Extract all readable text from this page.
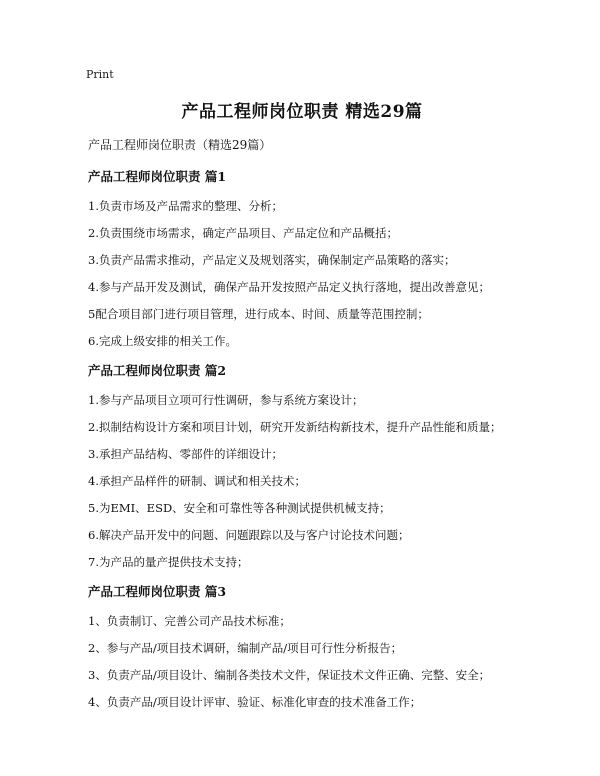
Print
产品工程师岗位职责 精选29篇
产品工程师岗位职责（精选29篇）
产品工程师岗位职责 篇1
1.负责市场及产品需求的整理、分析；
2.负责围绕市场需求，确定产品项目、产品定位和产品概括；
3.负责产品需求推动，产品定义及规划落实，确保制定产品策略的落实；
4.参与产品开发及测试，确保产品开发按照产品定义执行落地，提出改善意见；
5配合项目部门进行项目管理，进行成本、时间、质量等范围控制；
6.完成上级安排的相关工作。
产品工程师岗位职责 篇2
1.参与产品项目立项可行性调研，参与系统方案设计；
2.拟制结构设计方案和项目计划，研究开发新结构新技术，提升产品性能和质量；
3.承担产品结构、零部件的详细设计；
4.承担产品样件的研制、调试和相关技术；
5.为EMI、ESD、安全和可靠性等各种测试提供机械支持；
6.解决产品开发中的问题、问题跟踪以及与客户讨论技术问题；
7.为产品的量产提供技术支持；
产品工程师岗位职责 篇3
1、负责制订、完善公司产品技术标准；
2、参与产品/项目技术调研，编制产品/项目可行性分析报告；
3、负责产品/项目设计、编制各类技术文件，保证技术文件正确、完整、安全；
4、负责产品/项目设计评审、验证、标准化审查的技术准备工作；
